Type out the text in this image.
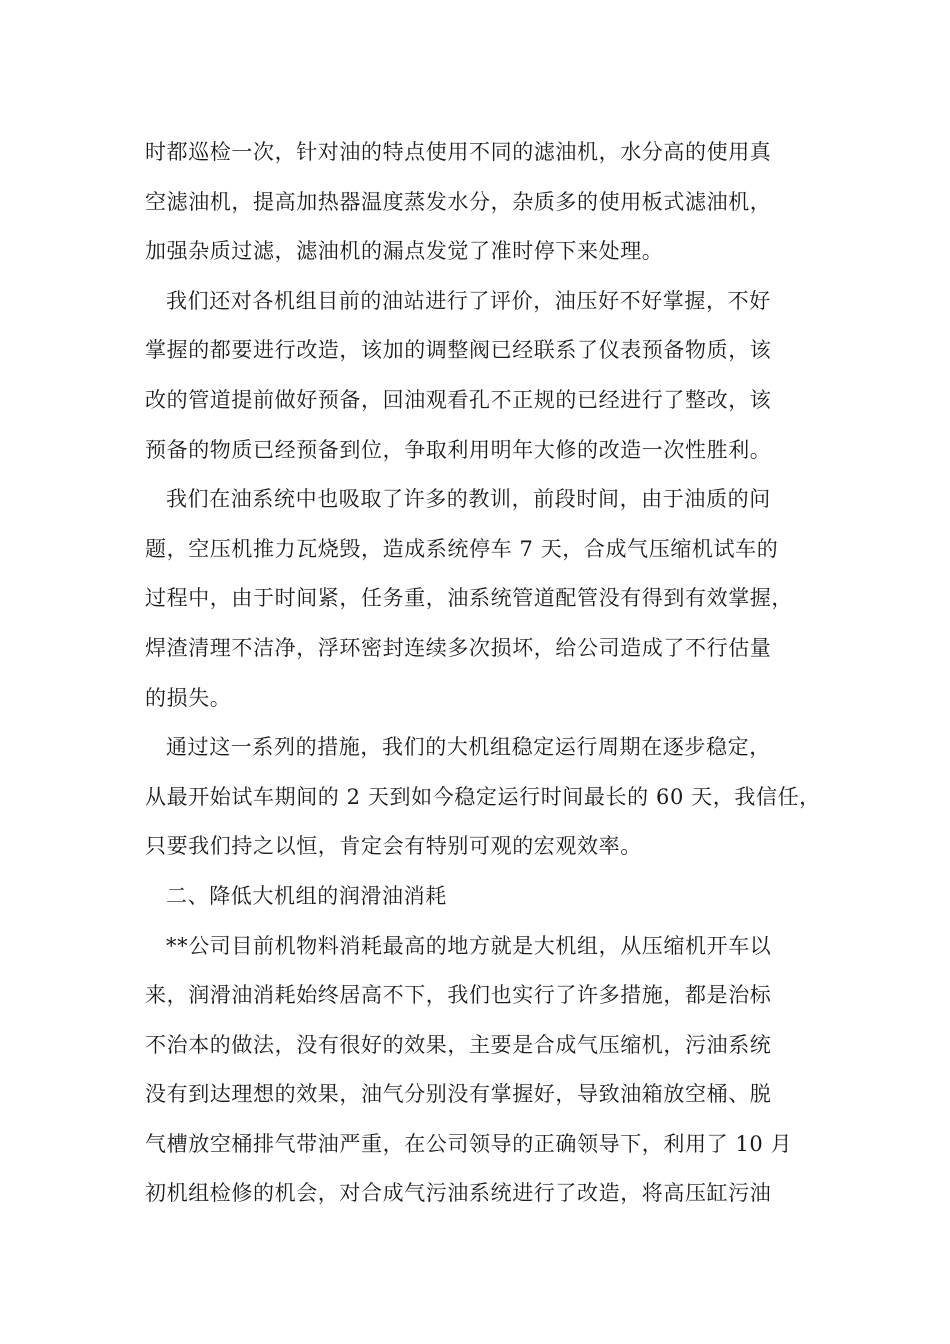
时都巡检一次，针对油的特点使用不同的滤油机，水分高的使用真
空滤油机，提高加热器温度蒸发水分，杂质多的使用板式滤油机，
加强杂质过滤，滤油机的漏点发觉了准时停下来处理。
我们还对各机组目前的油站进行了评价，油压好不好掌握，不好
掌握的都要进行改造，该加的调整阀已经联系了仪表预备物质，该
改的管道提前做好预备，回油观看孔不正规的已经进行了整改，该
预备的物质已经预备到位，争取利用明年大修的改造一次性胜利。
我们在油系统中也吸取了许多的教训，前段时间，由于油质的问
题，空压机推力瓦烧毁，造成系统停车 7 天，合成气压缩机试车的
过程中，由于时间紧，任务重，油系统管道配管没有得到有效掌握，
焊渣清理不洁净，浮环密封连续多次损坏，给公司造成了不行估量
的损失。
通过这一系列的措施，我们的大机组稳定运行周期在逐步稳定，
从最开始试车期间的 2 天到如今稳定运行时间最长的 60 天，我信任，
只要我们持之以恒，肯定会有特别可观的宏观效率。
二、降低大机组的润滑油消耗
**公司目前机物料消耗最高的地方就是大机组，从压缩机开车以
来，润滑油消耗始终居高不下，我们也实行了许多措施，都是治标
不治本的做法，没有很好的效果，主要是合成气压缩机，污油系统
没有到达理想的效果，油气分别没有掌握好，导致油箱放空桶、脱
气槽放空桶排气带油严重，在公司领导的正确领导下，利用了 10 月
初机组检修的机会，对合成气污油系统进行了改造，将高压缸污油
